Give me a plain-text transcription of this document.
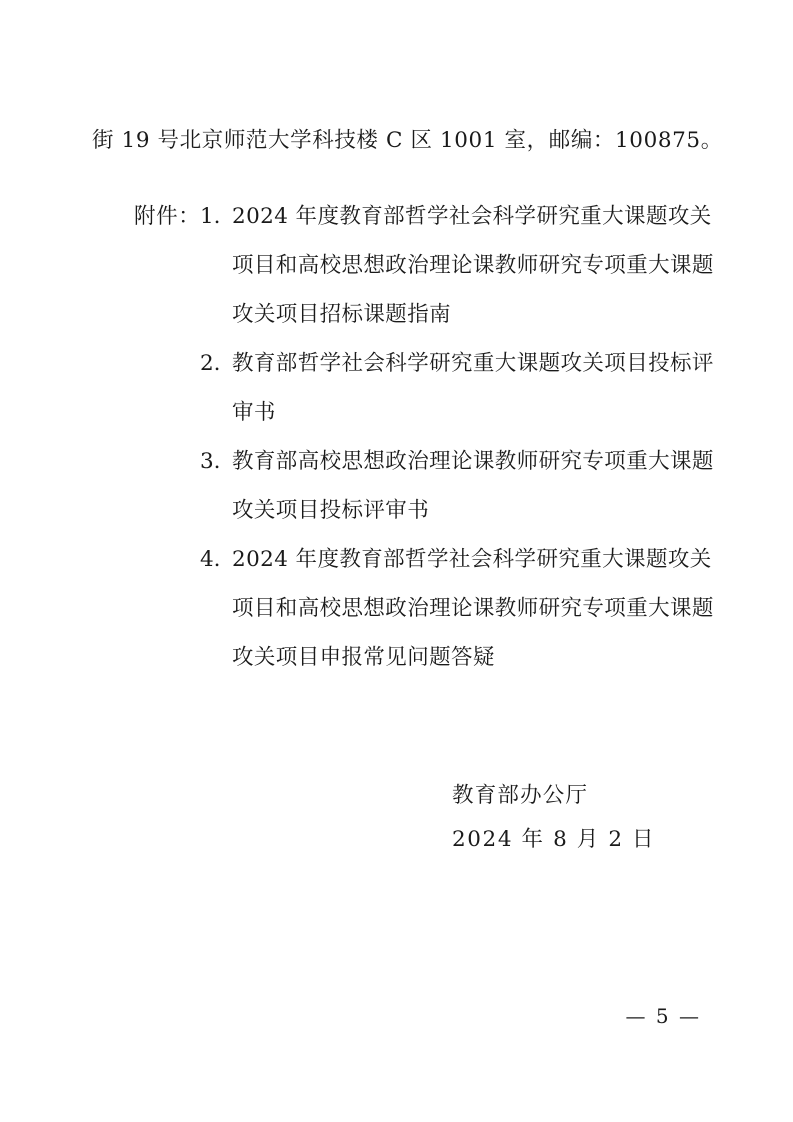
街 19 号北京师范大学科技楼 C 区 1001 室，邮编：100875。
附件： 1. 2024 年度教育部哲学社会科学研究重大课题攻关
项目和高校思想政治理论课教师研究专项重大课题
攻关项目招标课题指南
2. 教育部哲学社会科学研究重大课题攻关项目投标评
审书
3. 教育部高校思想政治理论课教师研究专项重大课题
攻关项目投标评审书
4. 2024 年度教育部哲学社会科学研究重大课题攻关
项目和高校思想政治理论课教师研究专项重大课题
攻关项目申报常见问题答疑
教育部办公厅
2024 年 8 月 2 日
— 5 —
